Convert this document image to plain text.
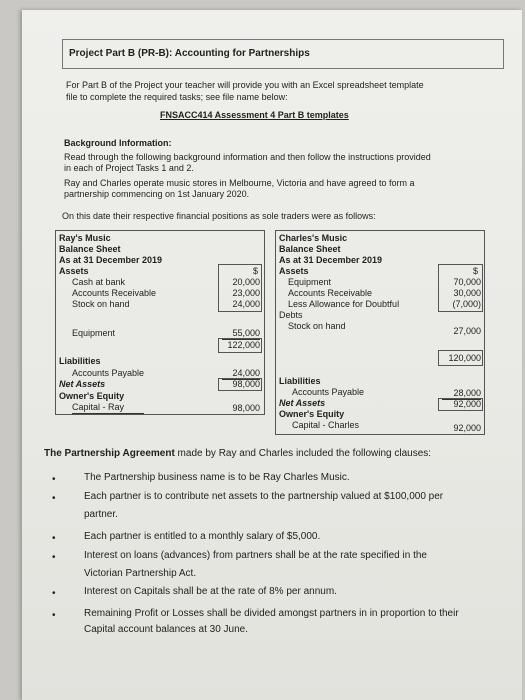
Project Part B (PR-B): Accounting for Partnerships
For Part B of the Project your teacher will provide you with an Excel spreadsheet template
file to complete the required tasks; see file name below:
FNSACC414 Assessment 4 Part B templates
Background Information:
Read through the following background information and then follow the instructions provided
in each of Project Tasks 1 and 2.
Ray and Charles operate music stores in Melbourne, Victoria and have agreed to form a
partnership commencing on 1st January 2020.
On this date their respective financial positions as sole traders were as follows:
Ray's Music
Balance Sheet
As at 31 December 2019
Assets	$
Cash at bank	20,000
Accounts Receivable	23,000
Stock on hand	24,000
Equipment	55,000
122,000
Liabilities
Accounts Payable	24,000
Net Assets	98,000
Owner's Equity
Capital - Ray	98,000
Charles's Music
Balance Sheet
As at 31 December 2019
Assets	$
Equipment	70,000
Accounts Receivable	30,000
Less Allowance for Doubtful	(7,000)
Debts
Stock on hand	27,000
120,000
Liabilities
Accounts Payable	28,000
Net Assets	92,000
Owner's Equity
Capital - Charles	92,000
The Partnership Agreement made by Ray and Charles included the following clauses:
•	The Partnership business name is to be Ray Charles Music.
•	Each partner is to contribute net assets to the partnership valued at $100,000 per
partner.
•	Each partner is entitled to a monthly salary of $5,000.
•	Interest on loans (advances) from partners shall be at the rate specified in the
Victorian Partnership Act.
•	Interest on Capitals shall be at the rate of 8% per annum.
•	Remaining Profit or Losses shall be divided amongst partners in in proportion to their
Capital account balances at 30 June.
